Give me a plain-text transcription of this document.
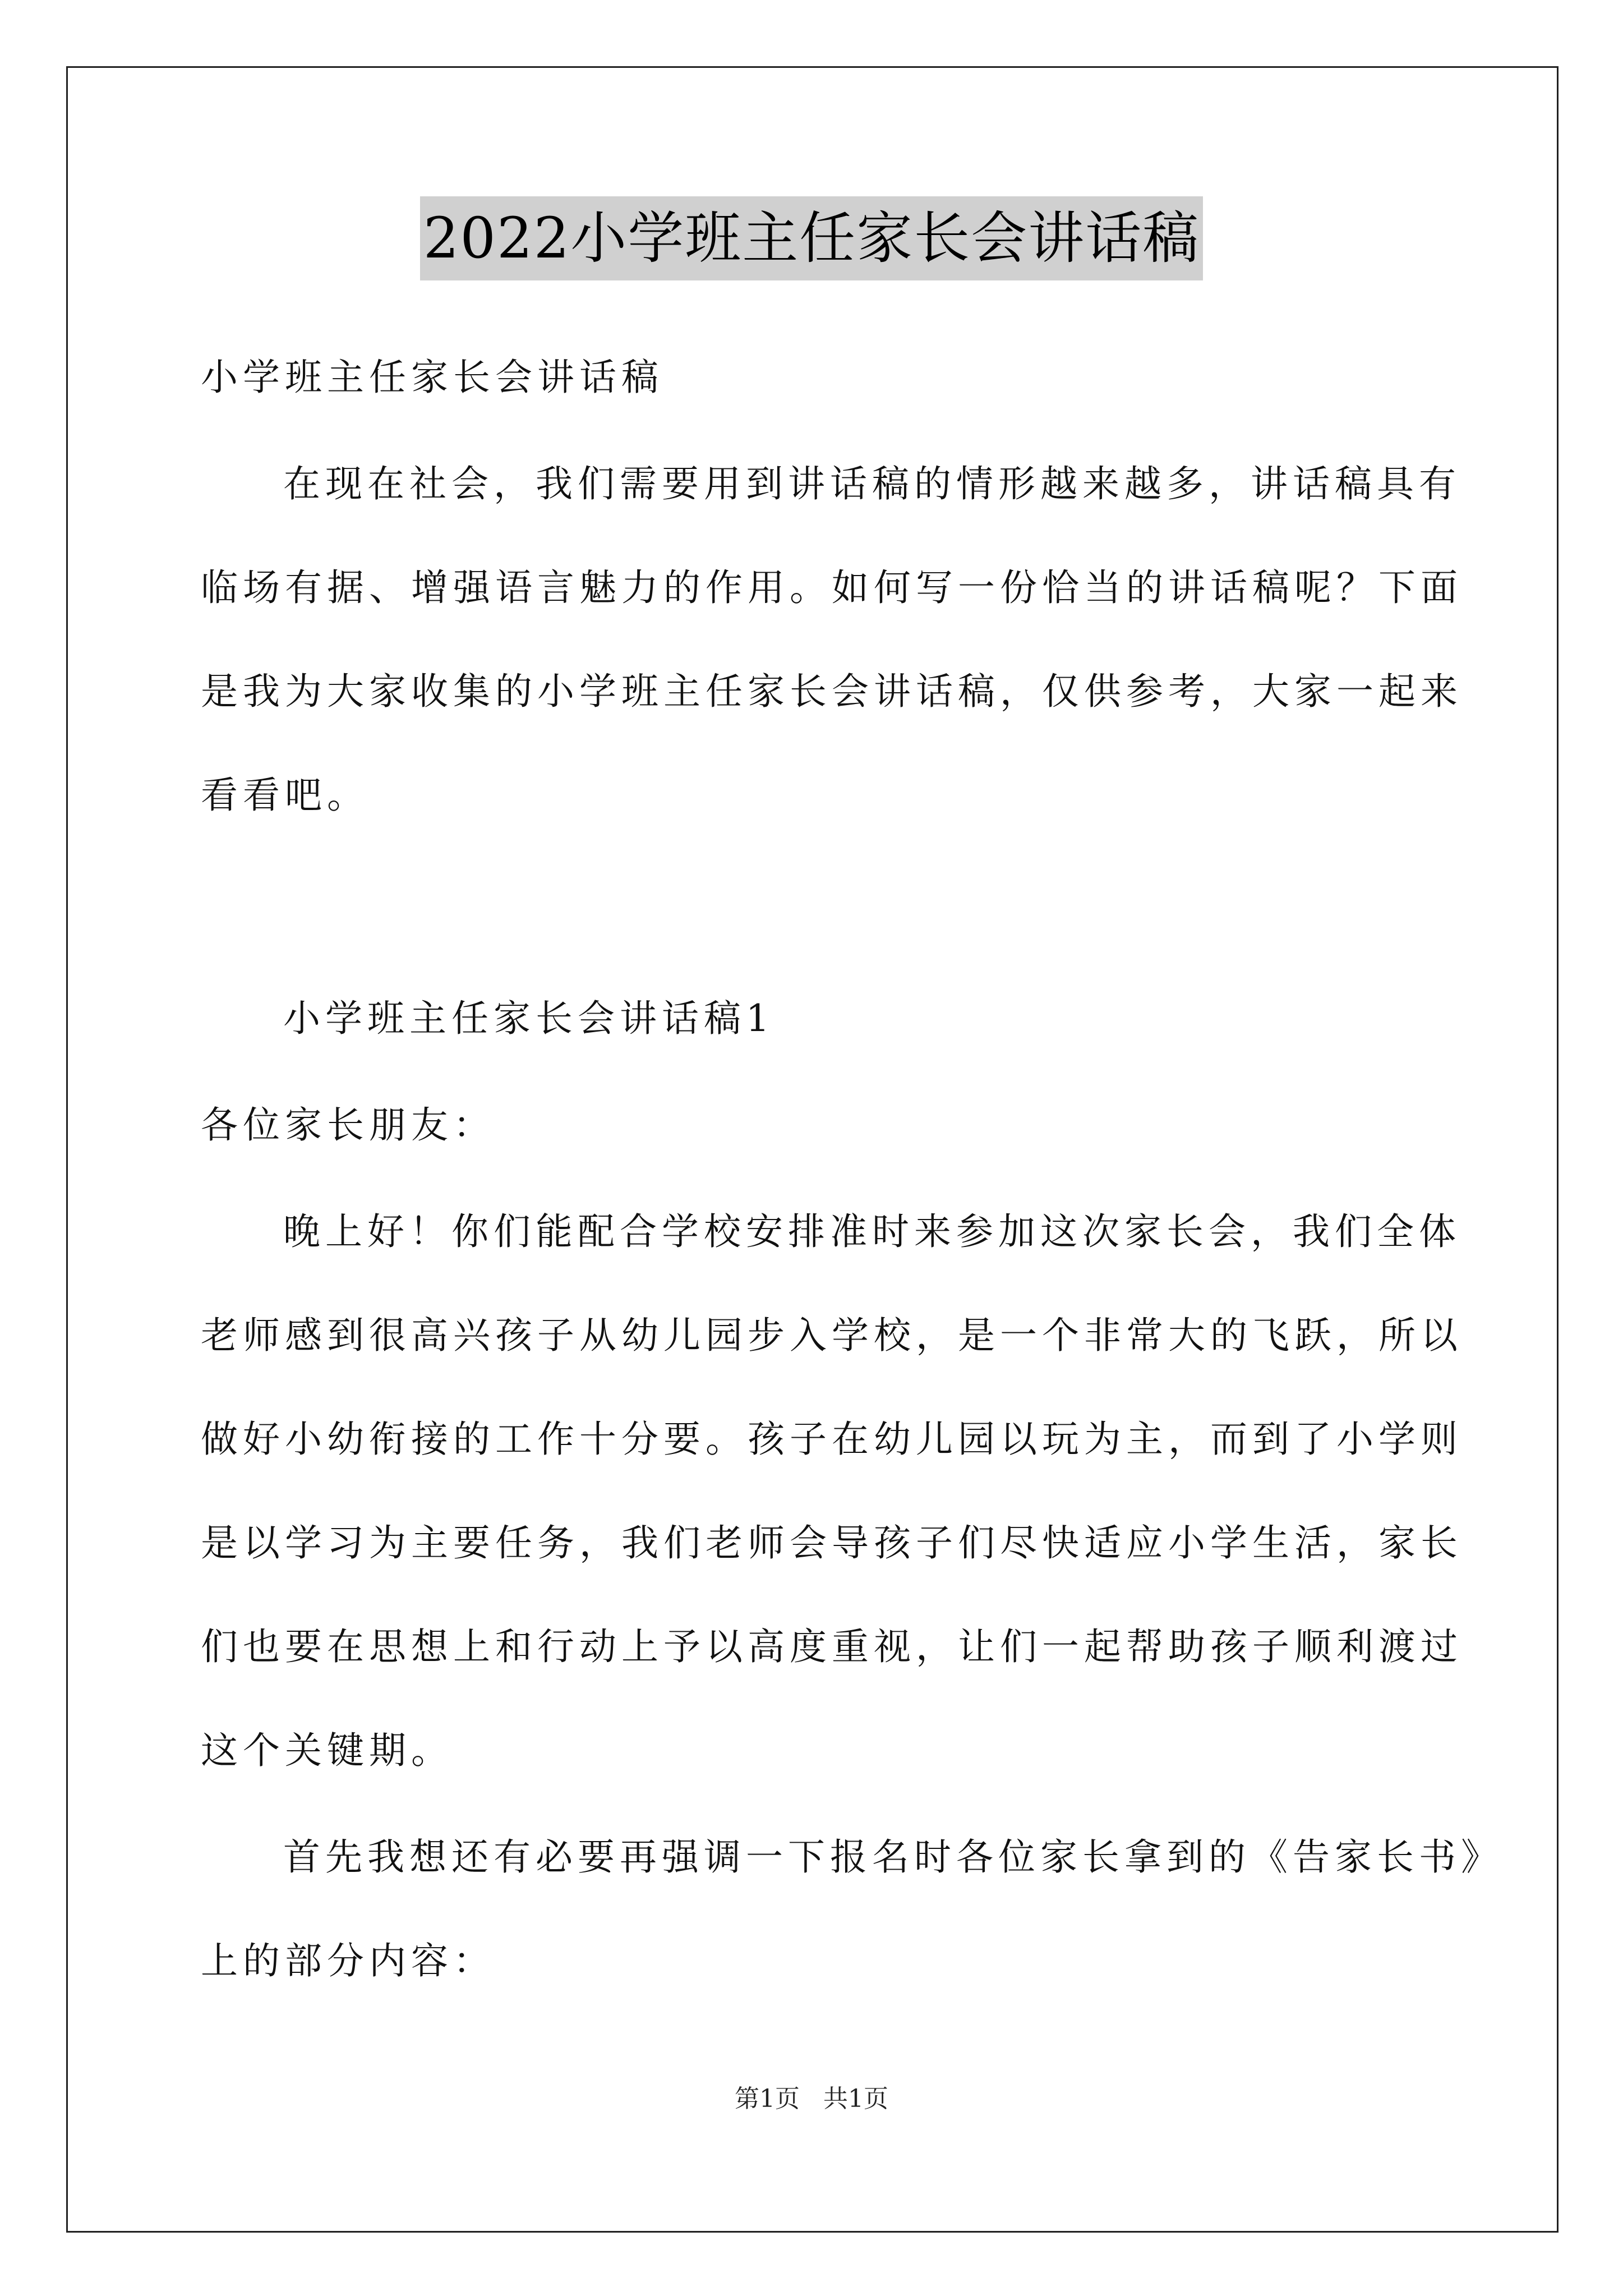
2022小学班主任家长会讲话稿
小学班主任家长会讲话稿
在现在社会，我们需要用到讲话稿的情形越来越多，讲话稿具有
临场有据、增强语言魅力的作用。如何写一份恰当的讲话稿呢？下面
是我为大家收集的小学班主任家长会讲话稿，仅供参考，大家一起来
看看吧。
小学班主任家长会讲话稿1
各位家长朋友：
晚上好！你们能配合学校安排准时来参加这次家长会，我们全体
老师感到很高兴孩子从幼儿园步入学校，是一个非常大的飞跃，所以
做好小幼衔接的工作十分要。孩子在幼儿园以玩为主，而到了小学则
是以学习为主要任务，我们老师会导孩子们尽快适应小学生活，家长
们也要在思想上和行动上予以高度重视，让们一起帮助孩子顺利渡过
这个关键期。
首先我想还有必要再强调一下报名时各位家长拿到的《告家长书》
上的部分内容：
第1页   共1页
